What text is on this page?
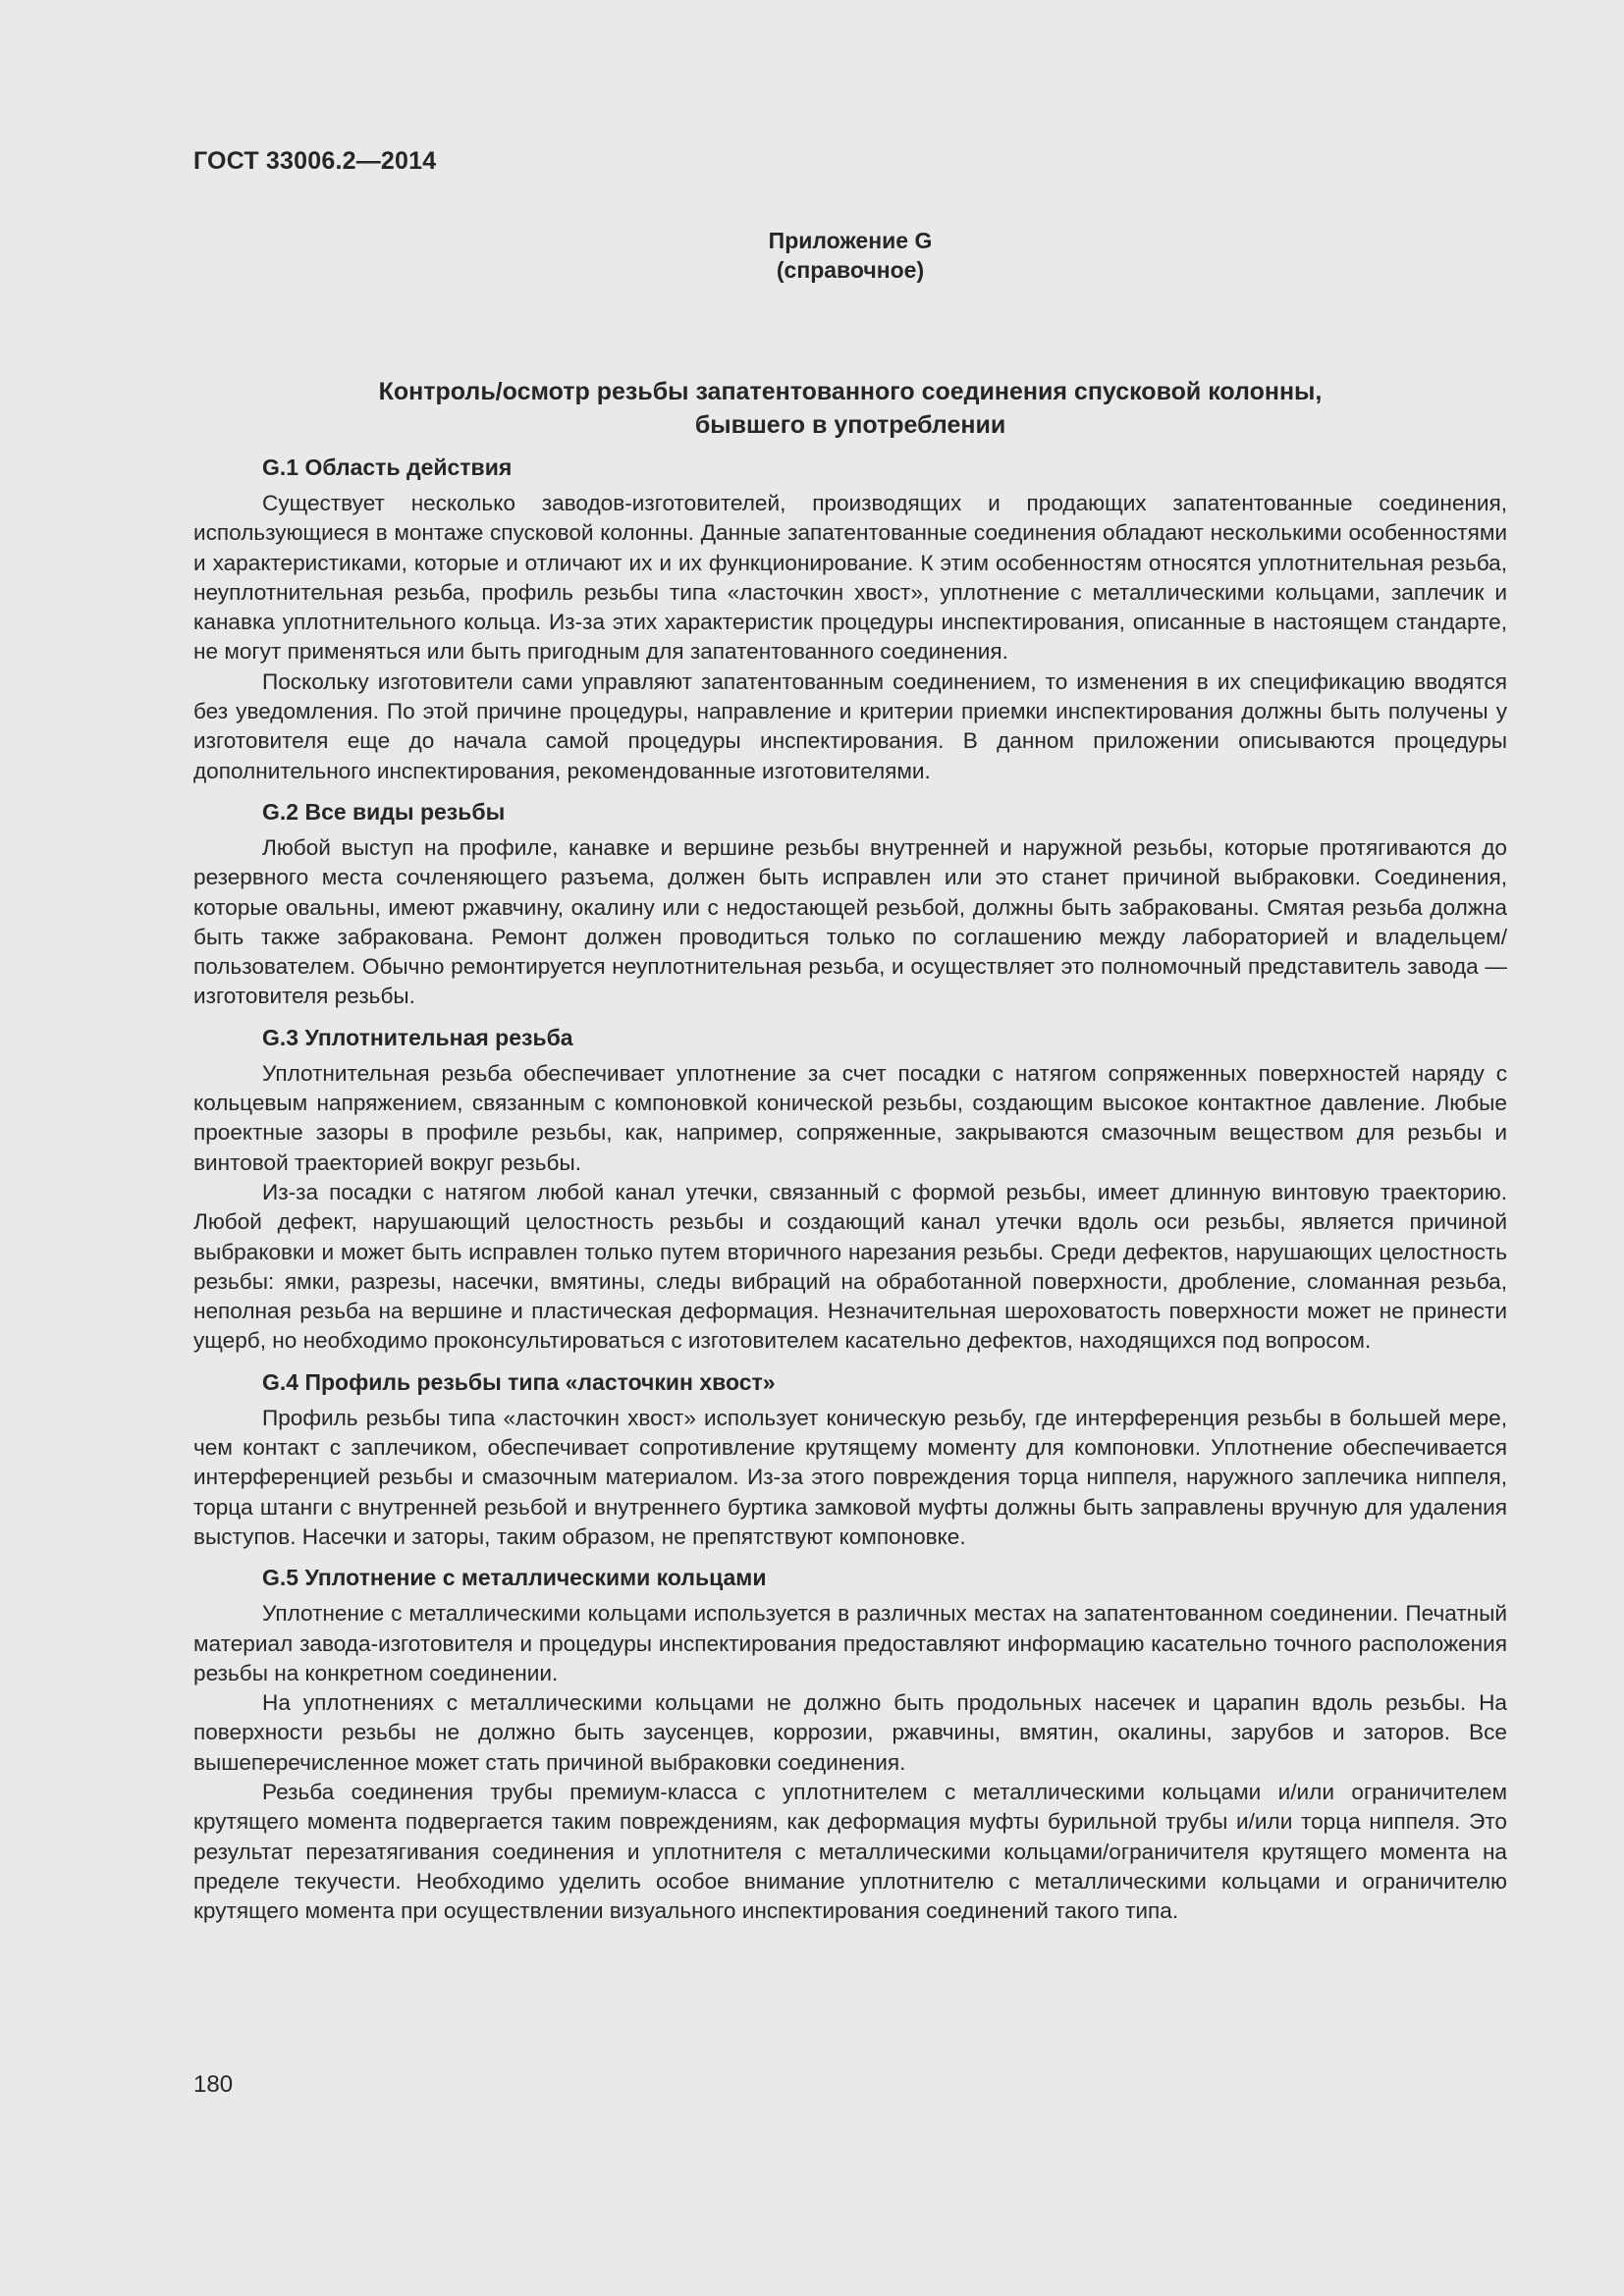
ГОСТ 33006.2—2014
Приложение G
(справочное)
Контроль/осмотр резьбы запатентованного соединения спусковой колонны,
бывшего в употреблении
G.1 Область действия

Существует несколько заводов-изготовителей, производящих и продающих запатентованные соединения, использующиеся в монтаже спусковой колонны. Данные запатентованные соединения обладают несколькими особенностями и характеристиками, которые и отличают их и их функционирование. К этим особенностям относятся уплотнительная резьба, неуплотнительная резьба, профиль резьбы типа «ласточкин хвост», уплотнение с металлическими кольцами, заплечик и канавка уплотнительного кольца. Из-за этих характеристик процедуры инспектирования, описанные в настоящем стандарте, не могут применяться или быть пригодным для запатентованного соединения.

Поскольку изготовители сами управляют запатентованным соединением, то изменения в их спецификацию вводятся без уведомления. По этой причине процедуры, направление и критерии приемки инспектирования должны быть получены у изготовителя еще до начала самой процедуры инспектирования. В данном приложении описываются процедуры дополнительного инспектирования, рекомендованные изготовителями.

G.2 Все виды резьбы

Любой выступ на профиле, канавке и вершине резьбы внутренней и наружной резьбы, которые протягиваются до резервного места сочленяющего разъема, должен быть исправлен или это станет причиной выбраковки. Соединения, которые овальны, имеют ржавчину, окалину или с недостающей резьбой, должны быть забракованы. Смятая резьба должна быть также забракована. Ремонт должен проводиться только по соглашению между лабораторией и владельцем/пользователем. Обычно ремонтируется неуплотнительная резьба, и осуществляет это полномочный представитель завода — изготовителя резьбы.

G.3 Уплотнительная резьба

Уплотнительная резьба обеспечивает уплотнение за счет посадки с натягом сопряженных поверхностей наряду с кольцевым напряжением, связанным с компоновкой конической резьбы, создающим высокое контактное давление. Любые проектные зазоры в профиле резьбы, как, например, сопряженные, закрываются смазочным веществом для резьбы и винтовой траекторией вокруг резьбы.

Из-за посадки с натягом любой канал утечки, связанный с формой резьбы, имеет длинную винтовую траекторию. Любой дефект, нарушающий целостность резьбы и создающий канал утечки вдоль оси резьбы, является причиной выбраковки и может быть исправлен только путем вторичного нарезания резьбы. Среди дефектов, нарушающих целостность резьбы: ямки, разрезы, насечки, вмятины, следы вибраций на обработанной поверхности, дробление, сломанная резьба, неполная резьба на вершине и пластическая деформация. Незначительная шероховатость поверхности может не принести ущерб, но необходимо проконсультироваться с изготовителем касательно дефектов, находящихся под вопросом.

G.4 Профиль резьбы типа «ласточкин хвост»

Профиль резьбы типа «ласточкин хвост» использует коническую резьбу, где интерференция резьбы в большей мере, чем контакт с заплечиком, обеспечивает сопротивление крутящему моменту для компоновки. Уплотнение обеспечивается интерференцией резьбы и смазочным материалом. Из-за этого повреждения торца ниппеля, наружного заплечика ниппеля, торца штанги с внутренней резьбой и внутреннего буртика замковой муфты должны быть заправлены вручную для удаления выступов. Насечки и заторы, таким образом, не препятствуют компоновке.

G.5 Уплотнение с металлическими кольцами

Уплотнение с металлическими кольцами используется в различных местах на запатентованном соединении. Печатный материал завода-изготовителя и процедуры инспектирования предоставляют информацию касательно точного расположения резьбы на конкретном соединении.

На уплотнениях с металлическими кольцами не должно быть продольных насечек и царапин вдоль резьбы. На поверхности резьбы не должно быть заусенцев, коррозии, ржавчины, вмятин, окалины, зарубов и заторов. Все вышеперечисленное может стать причиной выбраковки соединения.

Резьба соединения трубы премиум-класса с уплотнителем с металлическими кольцами и/или ограничителем крутящего момента подвергается таким повреждениям, как деформация муфты бурильной трубы и/или торца ниппеля. Это результат перезатягивания соединения и уплотнителя с металлическими кольцами/ограничителя крутящего момента на пределе текучести. Необходимо уделить особое внимание уплотнителю с металлическими кольцами и ограничителю крутящего момента при осуществлении визуального инспектирования соединений такого типа.

180
